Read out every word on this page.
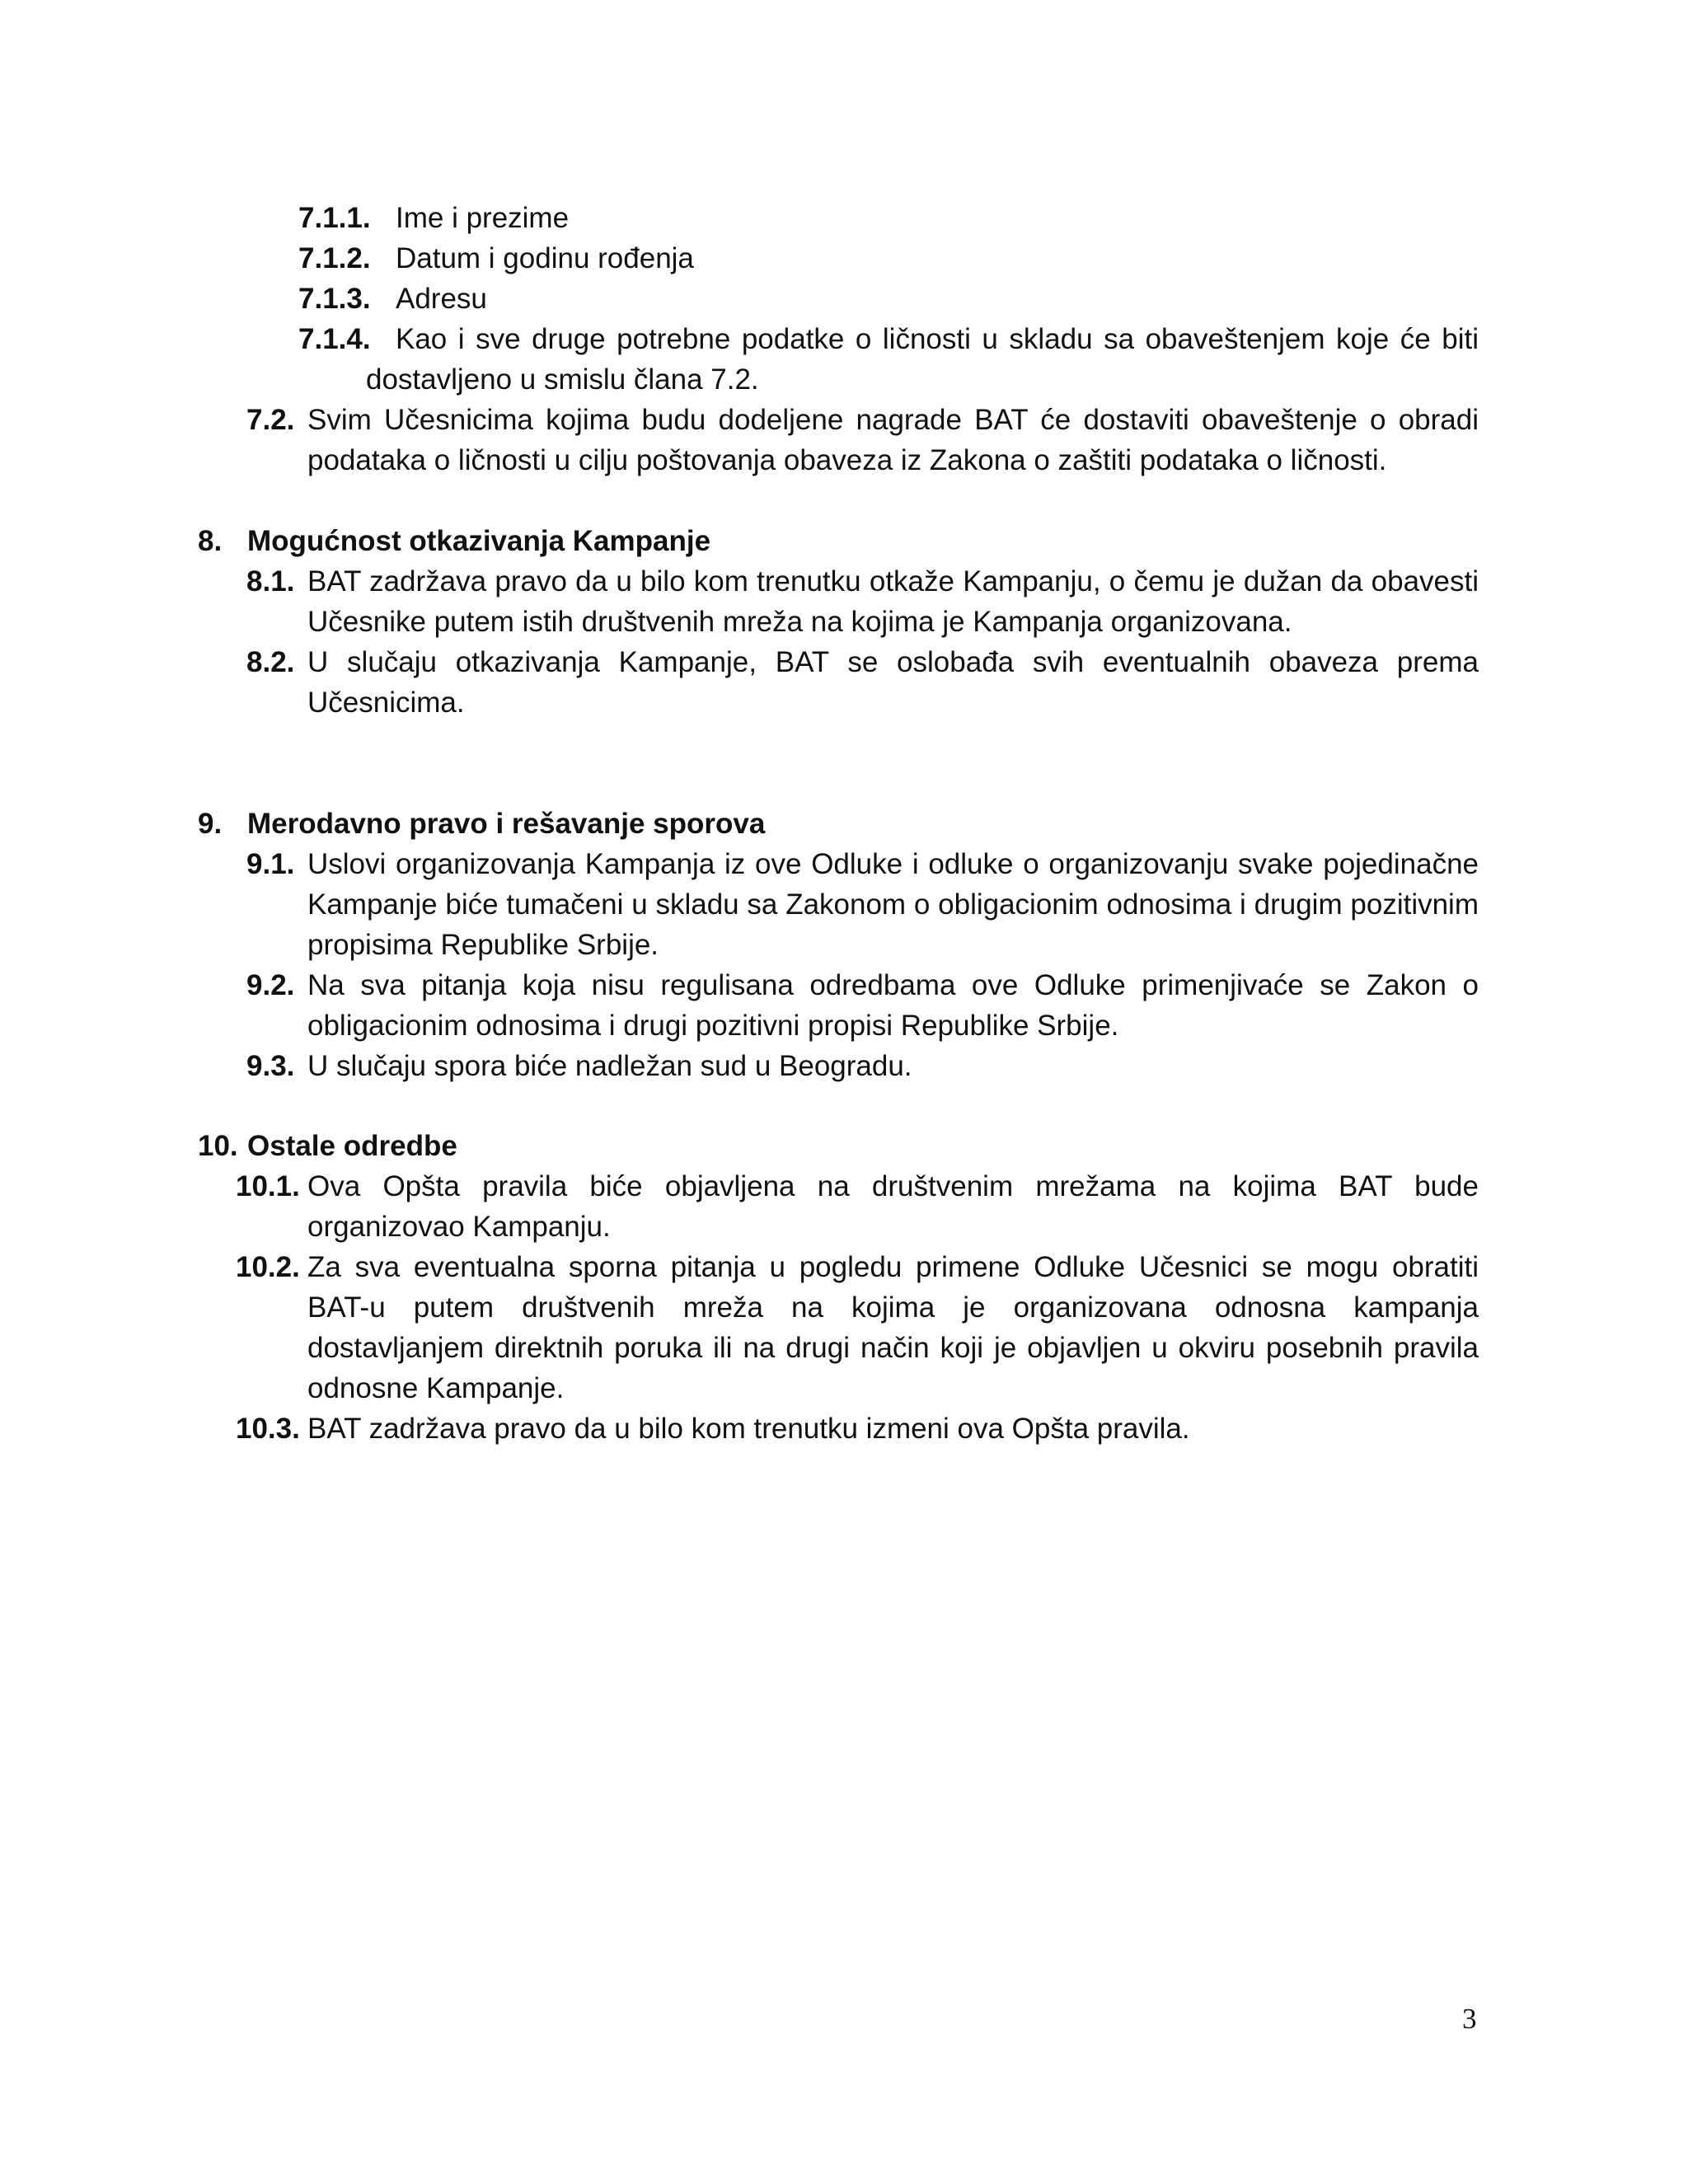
7.1.1. Ime i prezime
7.1.2. Datum i godinu rođenja
7.1.3. Adresu
7.1.4. Kao i sve druge potrebne podatke o ličnosti u skladu sa obaveštenjem koje će biti dostavljeno u smislu člana 7.2.
7.2. Svim Učesnicima kojima budu dodeljene nagrade BAT će dostaviti obaveštenje o obradi podataka o ličnosti u cilju poštovanja obaveza iz Zakona o zaštiti podataka o ličnosti.
8. Mogućnost otkazivanja Kampanje
8.1. BAT zadržava pravo da u bilo kom trenutku otkaže Kampanju, o čemu je dužan da obavesti Učesnike putem istih društvenih mreža na kojima je Kampanja organizovana.
8.2. U slučaju otkazivanja Kampanje, BAT se oslobađa svih eventualnih obaveza prema Učesnicima.
9. Merodavno pravo i rešavanje sporova
9.1. Uslovi organizovanja Kampanja iz ove Odluke i odluke o organizovanju svake pojedinačne Kampanje biće tumačeni u skladu sa Zakonom o obligacionim odnosima i drugim pozitivnim propisima Republike Srbije.
9.2. Na sva pitanja koja nisu regulisana odredbama ove Odluke primenjivaće se Zakon o obligacionim odnosima i drugi pozitivni propisi Republike Srbije.
9.3. U slučaju spora biće nadležan sud u Beogradu.
10. Ostale odredbe
10.1. Ova Opšta pravila biće objavljena na društvenim mrežama na kojima BAT bude organizovao Kampanju.
10.2. Za sva eventualna sporna pitanja u pogledu primene Odluke Učesnici se mogu obratiti BAT-u putem društvenih mreža na kojima je organizovana odnosna kampanja dostavljanjem direktnih poruka ili na drugi način koji je objavljen u okviru posebnih pravila odnosne Kampanje.
10.3. BAT zadržava pravo da u bilo kom trenutku izmeni ova Opšta pravila.
3
